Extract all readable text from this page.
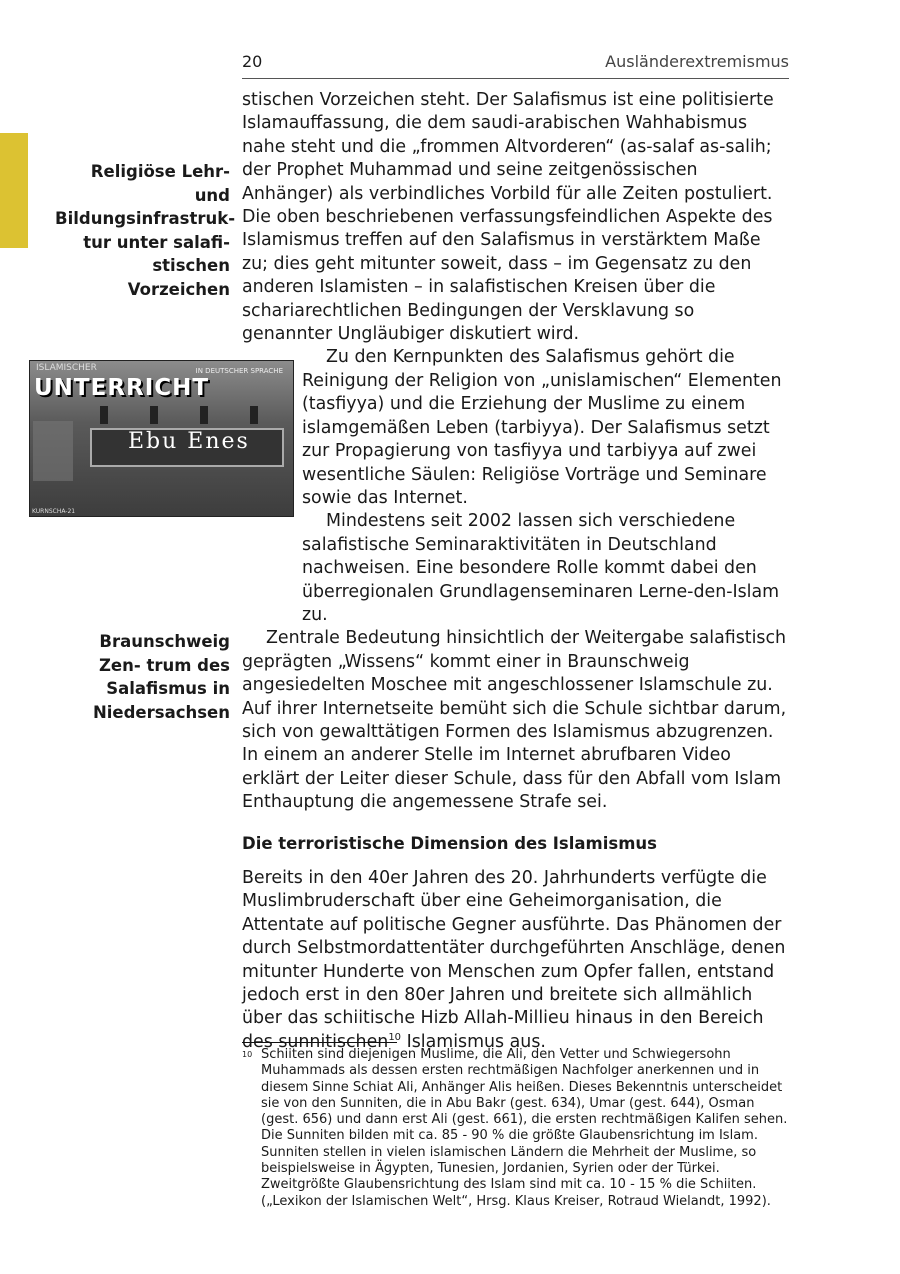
20	Ausländerextremismus
Religiöse Lehr- und Bildungsinfrastruk- tur unter salafi- stischen Vorzeichen
Braunschweig Zen- trum des Salafismus in Niedersachsen
ISLAMISCHER	IN DEUTSCHER SPRACHE
UNTERRICHT
Ebu Enes
KURNSCHA-21

stischen Vorzeichen steht. Der Salafismus ist eine politisierte Islamauffassung, die dem saudi-arabischen Wahhabismus nahe steht und die „frommen Altvorderen“ (as-salaf as-salih; der Prophet Muhammad und seine zeitgenössischen Anhänger) als verbindliches Vorbild für alle Zeiten postuliert. Die oben beschriebenen verfassungsfeindlichen Aspekte des Islamismus treffen auf den Salafismus in verstärktem Maße zu; dies geht mitunter soweit, dass – im Gegensatz zu den anderen Islamisten – in salafistischen Kreisen über die schariarechtlichen Bedingungen der Versklavung so genannter Ungläubiger diskutiert wird.

Zu den Kernpunkten des Salafismus gehört die Reinigung der Religion von „unislamischen“ Elementen (tasfiyya) und die Erziehung der Muslime zu einem islamgemäßen Leben (tarbiyya). Der Salafismus setzt zur Propagierung von tasfiyya und tarbiyya auf zwei wesentliche Säulen: Religiöse Vorträge und Seminare sowie das Internet.

Mindestens seit 2002 lassen sich verschiedene salafistische Seminaraktivitäten in Deutschland nachweisen. Eine besondere Rolle kommt dabei den überregionalen Grundlagenseminaren Lerne-den-Islam zu.

Zentrale Bedeutung hinsichtlich der Weitergabe salafistisch geprägten „Wissens“ kommt einer in Braunschweig angesiedelten Moschee mit angeschlossener Islamschule zu. Auf ihrer Internetseite bemüht sich die Schule sichtbar darum, sich von gewalttätigen Formen des Islamismus abzugrenzen. In einem an anderer Stelle im Internet abrufbaren Video erklärt der Leiter dieser Schule, dass für den Abfall vom Islam Enthauptung die angemessene Strafe sei.

Die terroristische Dimension des Islamismus

Bereits in den 40er Jahren des 20. Jahrhunderts verfügte die Muslimbruderschaft über eine Geheimorganisation, die Attentate auf politische Gegner ausführte. Das Phänomen der durch Selbstmordattentäter durchgeführten Anschläge, denen mitunter Hunderte von Menschen zum Opfer fallen, entstand jedoch erst in den 80er Jahren und breitete sich allmählich über das schiitische Hizb Allah-Millieu hinaus in den Bereich des sunnitischen$^{10}$ Islamismus aus.

10 Schiiten sind diejenigen Muslime, die Ali, den Vetter und Schwiegersohn Muhammads als dessen ersten rechtmäßigen Nachfolger anerkennen und in diesem Sinne Schiat Ali, Anhänger Alis heißen. Dieses Bekenntnis unterscheidet sie von den Sunniten, die in Abu Bakr (gest. 634), Umar (gest. 644), Osman (gest. 656) und dann erst Ali (gest. 661), die ersten rechtmäßigen Kalifen sehen. Die Sunniten bilden mit ca. 85 - 90 % die größte Glaubensrichtung im Islam. Sunniten stellen in vielen islamischen Ländern die Mehrheit der Muslime, so beispielsweise in Ägypten, Tunesien, Jordanien, Syrien oder der Türkei. Zweitgrößte Glaubensrichtung des Islam sind mit ca. 10 - 15 % die Schiiten. („Lexikon der Islamischen Welt“, Hrsg. Klaus Kreiser, Rotraud Wielandt, 1992).
